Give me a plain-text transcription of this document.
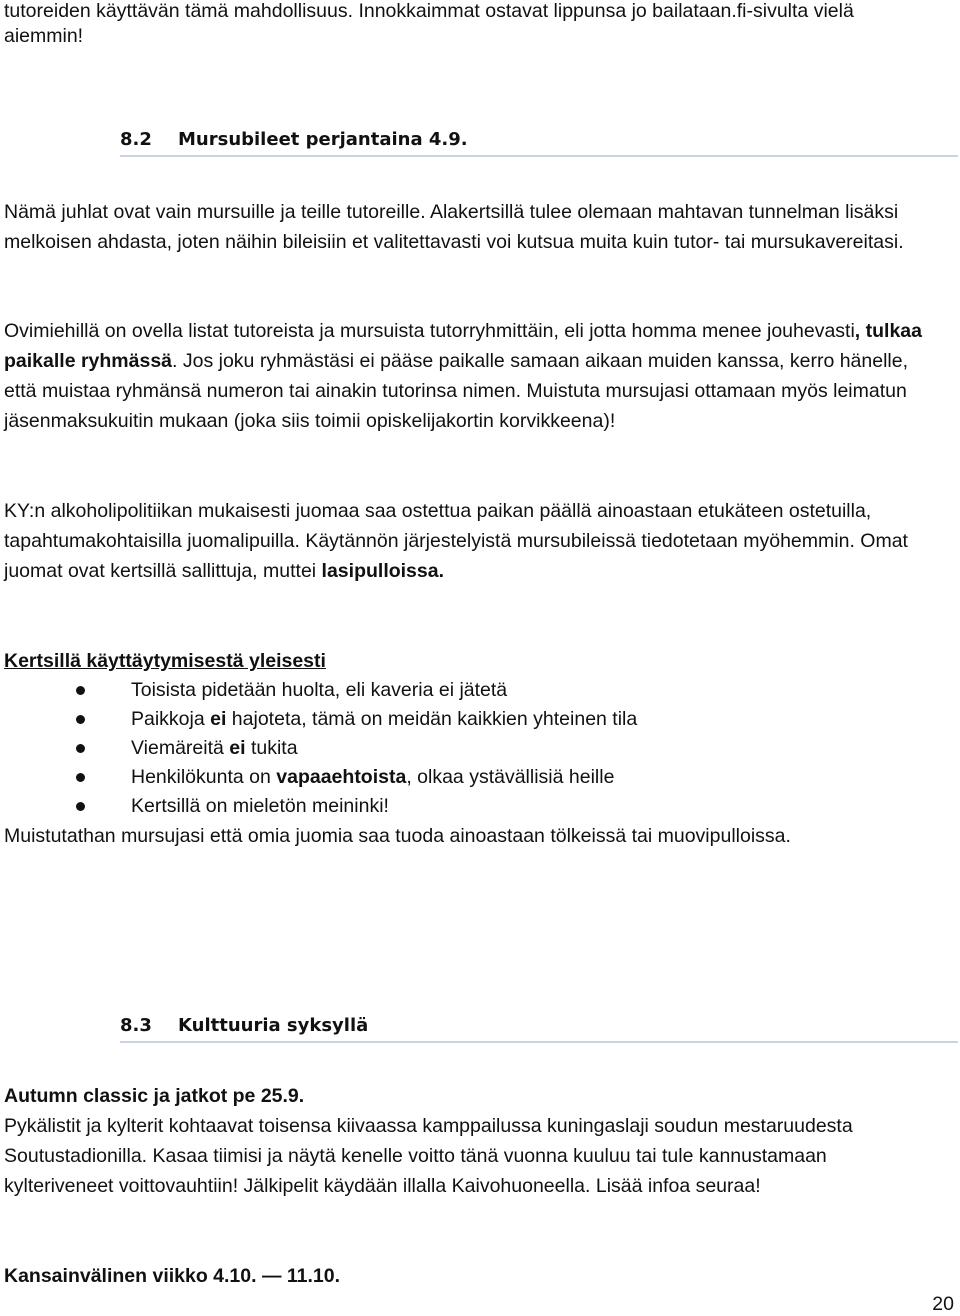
tutoreiden käyttävän tämä mahdollisuus. Innokkaimmat ostavat lippunsa jo bailataan.fi-sivulta vielä
aiemmin!
8.2 Mursubileet perjantaina 4.9.

Nämä juhlat ovat vain mursuille ja teille tutoreille. Alakertsillä tulee olemaan mahtavan tunnelman lisäksi melkoisen ahdasta, joten näihin bileisiin et valitettavasti voi kutsua muita kuin tutor- tai mursukavereitasi.

Ovimiehillä on ovella listat tutoreista ja mursuista tutorryhmittäin, eli jotta homma menee jouhevasti, tulkaa paikalle ryhmässä. Jos joku ryhmästäsi ei pääse paikalle samaan aikaan muiden kanssa, kerro hänelle, että muistaa ryhmänsä numeron tai ainakin tutorinsa nimen. Muistuta mursujasi ottamaan myös leimatun jäsenmaksukuitin mukaan (joka siis toimii opiskelijakortin korvikkeena)!

KY:n alkoholipolitiikan mukaisesti juomaa saa ostettua paikan päällä ainoastaan etukäteen ostetuilla, tapahtumakohtaisilla juomalipuilla. Käytännön järjestelyistä mursubileissä tiedotetaan myöhemmin. Omat juomat ovat kertsillä sallittuja, muttei lasipulloissa.

Kertsillä käyttäytymisestä yleisesti
Toisista pidetään huolta, eli kaveria ei jätetä
Paikkoja ei hajoteta, tämä on meidän kaikkien yhteinen tila
Viemäreitä ei tukita
Henkilökunta on vapaaehtoista, olkaa ystävällisiä heille
Kertsillä on mieletön meininki!
Muistutathan mursujasi että omia juomia saa tuoda ainoastaan tölkeissä tai muovipulloissa.
8.3 Kulttuuria syksyllä
Autumn classic ja jatkot pe 25.9.

Pykälistit ja kylterit kohtaavat toisensa kiivaassa kamppailussa kuningaslaji soudun mestaruudesta Soutustadionilla. Kasaa tiimisi ja näytä kenelle voitto tänä vuonna kuuluu tai tule kannustamaan kylteriveneet voittovauhtiin! Jälkipelit käydään illalla Kaivohuoneella. Lisää infoa seuraa!

Kansainvälinen viikko 4.10. — 11.10.
20
